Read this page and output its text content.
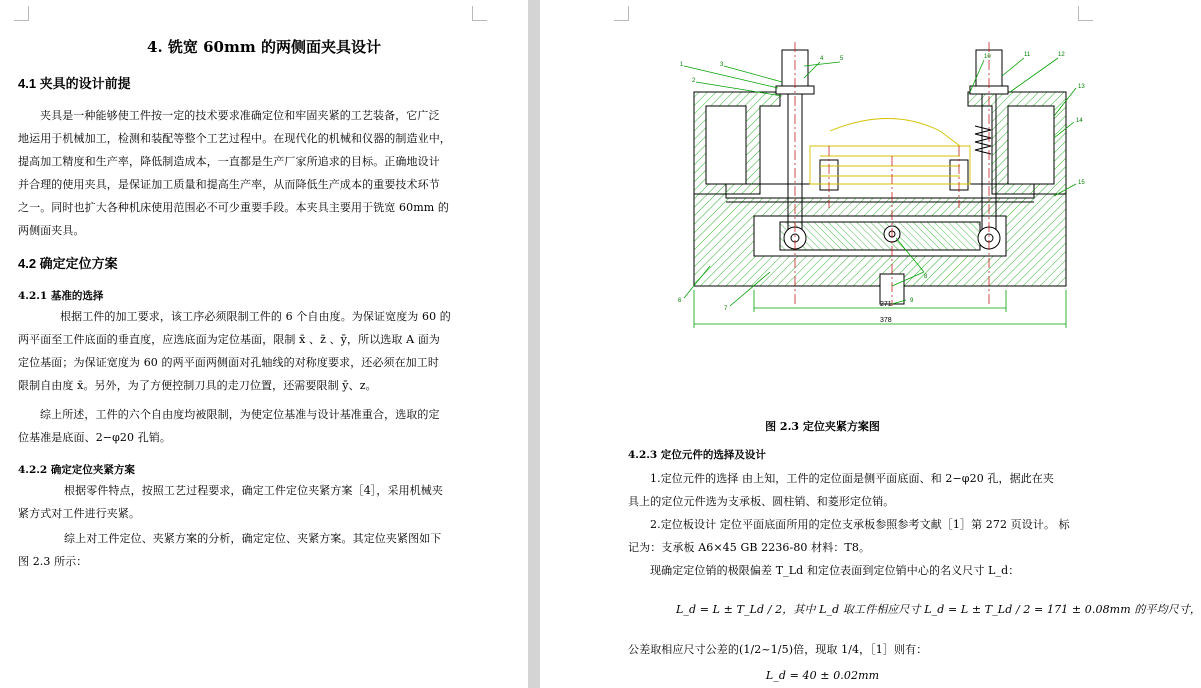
4. 铣宽 60mm 的两侧面夹具设计
4.1 夹具的设计前提
夹具是一种能够使工件按一定的技术要求准确定位和牢固夹紧的工艺装备，它广泛
地运用于机械加工，检测和装配等整个工艺过程中。在现代化的机械和仪器的制造业中，
提高加工精度和生产率，降低制造成本，一直都是生产厂家所追求的目标。正确地设计
并合理的使用夹具，是保证加工质量和提高生产率，从而降低生产成本的重要技术环节
之一。同时也扩大各种机床使用范围必不可少重要手段。本夹具主要用于铣宽 60mm 的
两侧面夹具。
4.2 确定定位方案
4.2.1 基准的选择
根据工件的加工要求，该工序必须限制工件的 6 个自由度。为保证宽度为 60 的
两平面至工件底面的垂直度，应选底面为定位基面，限制 x̄ 、z̄ 、ȳ，所以选取 A 面为
定位基面；为保证宽度为 60 的两平面两侧面对孔轴线的对称度要求，还必须在加工时
限制自由度 x̄。另外，为了方便控制刀具的走刀位置，还需要限制 ȳ、z。
综上所述，工件的六个自由度均被限制，为使定位基准与设计基准重合，选取的定
位基准是底面、2−φ20 孔销。
4.2.2 确定定位夹紧方案
根据零件特点，按照工艺过程要求，确定工件定位夹紧方案［4］，采用机械夹
紧方式对工件进行夹紧。
综上对工件定位、夹紧方案的分析，确定定位、夹紧方案。其定位夹紧图如下
图 2.3 所示：
271
378
1
2
3
4	5
6
7
8
9
10	11	12
13
14
15
图 2.3 定位夹紧方案图
4.2.3 定位元件的选择及设计
1.定位元件的选择 由上知，工件的定位面是侧平面底面、和 2−φ20 孔，据此在夹
具上的定位元件选为支承板、圆柱销、和菱形定位销。
2.定位板设计 定位平面底面所用的定位支承板参照参考文献［1］第 272 页设计。 标
记为：支承板 A6×45 GB 2236-80 材料：T8。
现确定定位销的极限偏差 T_Ld 和定位表面到定位销中心的名义尺寸 L_d：
L_d = L ± T_Ld / 2，其中 L_d 取工件相应尺寸 L_d = L ± T_Ld / 2 = 171 ± 0.08mm 的平均尺寸，
公差取相应尺寸公差的(1/2~1/5)倍，现取 1/4，［1］则有：
L_d = 40 ± 0.02mm
